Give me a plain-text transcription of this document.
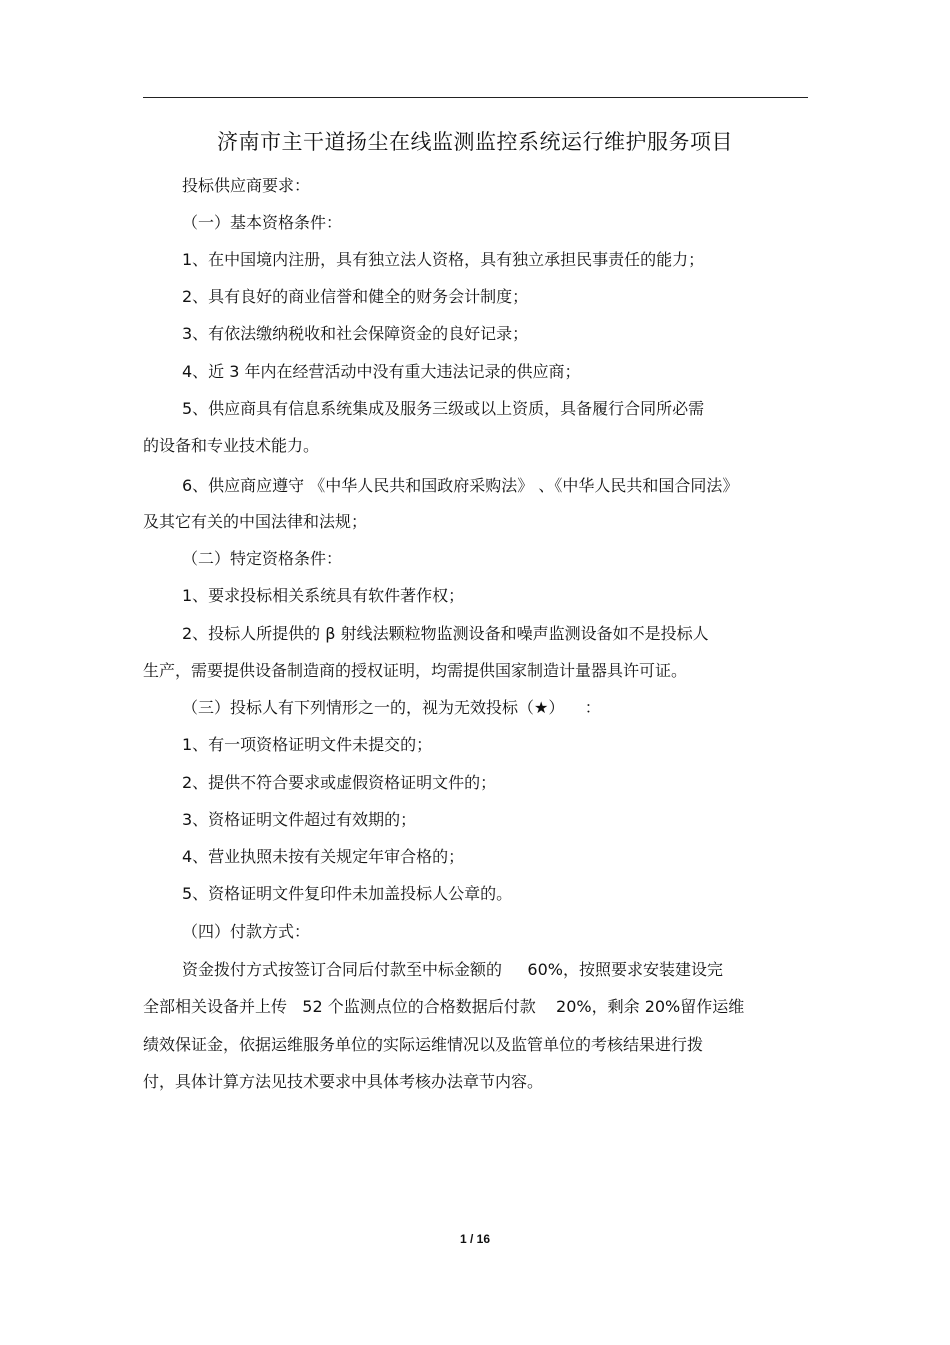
济南市主干道扬尘在线监测监控系统运行维护服务项目
投标供应商要求：
（一）基本资格条件：
1、在中国境内注册，具有独立法人资格，具有独立承担民事责任的能力；
2、具有良好的商业信誉和健全的财务会计制度；
3、有依法缴纳税收和社会保障资金的良好记录；
4、近 3 年内在经营活动中没有重大违法记录的供应商；
5、供应商具有信息系统集成及服务三级或以上资质，具备履行合同所必需
的设备和专业技术能力。
6、供应商应遵守 《中华人民共和国政府采购法》 、《中华人民共和国合同法》
及其它有关的中国法律和法规；
（二）特定资格条件：
1、要求投标相关系统具有软件著作权；
2、投标人所提供的 β 射线法颗粒物监测设备和噪声监测设备如不是投标人
生产，需要提供设备制造商的授权证明，均需提供国家制造计量器具许可证。
（三）投标人有下列情形之一的，视为无效投标（★）    ：
1、有一项资格证明文件未提交的；
2、提供不符合要求或虚假资格证明文件的；
3、资格证明文件超过有效期的；
4、营业执照未按有关规定年审合格的；
5、资格证明文件复印件未加盖投标人公章的。
（四）付款方式：
资金拨付方式按签订合同后付款至中标金额的     60%，按照要求安装建设完
全部相关设备并上传   52 个监测点位的合格数据后付款    20%，剩余 20%留作运维
绩效保证金，依据运维服务单位的实际运维情况以及监管单位的考核结果进行拨
付，具体计算方法见技术要求中具体考核办法章节内容。
1 / 16
